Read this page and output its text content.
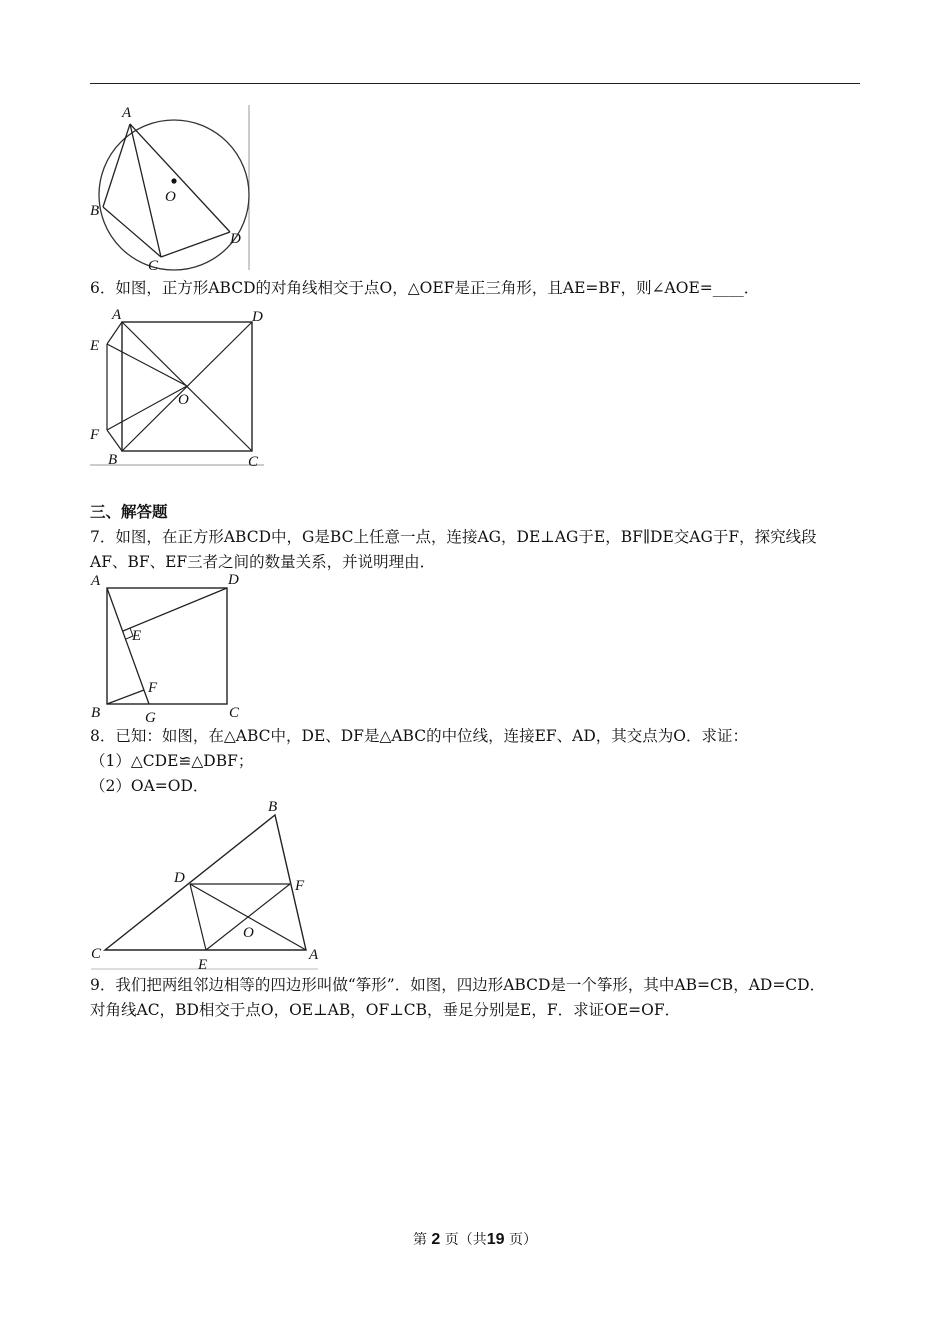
A
B
C
D
O
6．如图，正方形ABCD的对角线相交于点O，△OEF是正三角形，且AE=BF，则∠AOE=____．
A	D
E
O
F
B	C
三、解答题
7．如图，在正方形ABCD中，G是BC上任意一点，连接AG，DE⊥AG于E，BF∥DE交AG于F，探究线段
AF、BF、EF三者之间的数量关系，并说明理由．
A	D
E
F
B	G	C
8．已知：如图，在△ABC中，DE、DF是△ABC的中位线，连接EF、AD，其交点为O．求证：
（1）△CDE≌△DBF；
（2）OA=OD．
B
D	F
O
C	A
E
9．我们把两组邻边相等的四边形叫做“筝形”．如图，四边形ABCD是一个筝形，其中AB=CB，AD=CD．
对角线AC，BD相交于点O，OE⊥AB，OF⊥CB，垂足分别是E，F．求证OE=OF．
第 2 页（共19 页）
